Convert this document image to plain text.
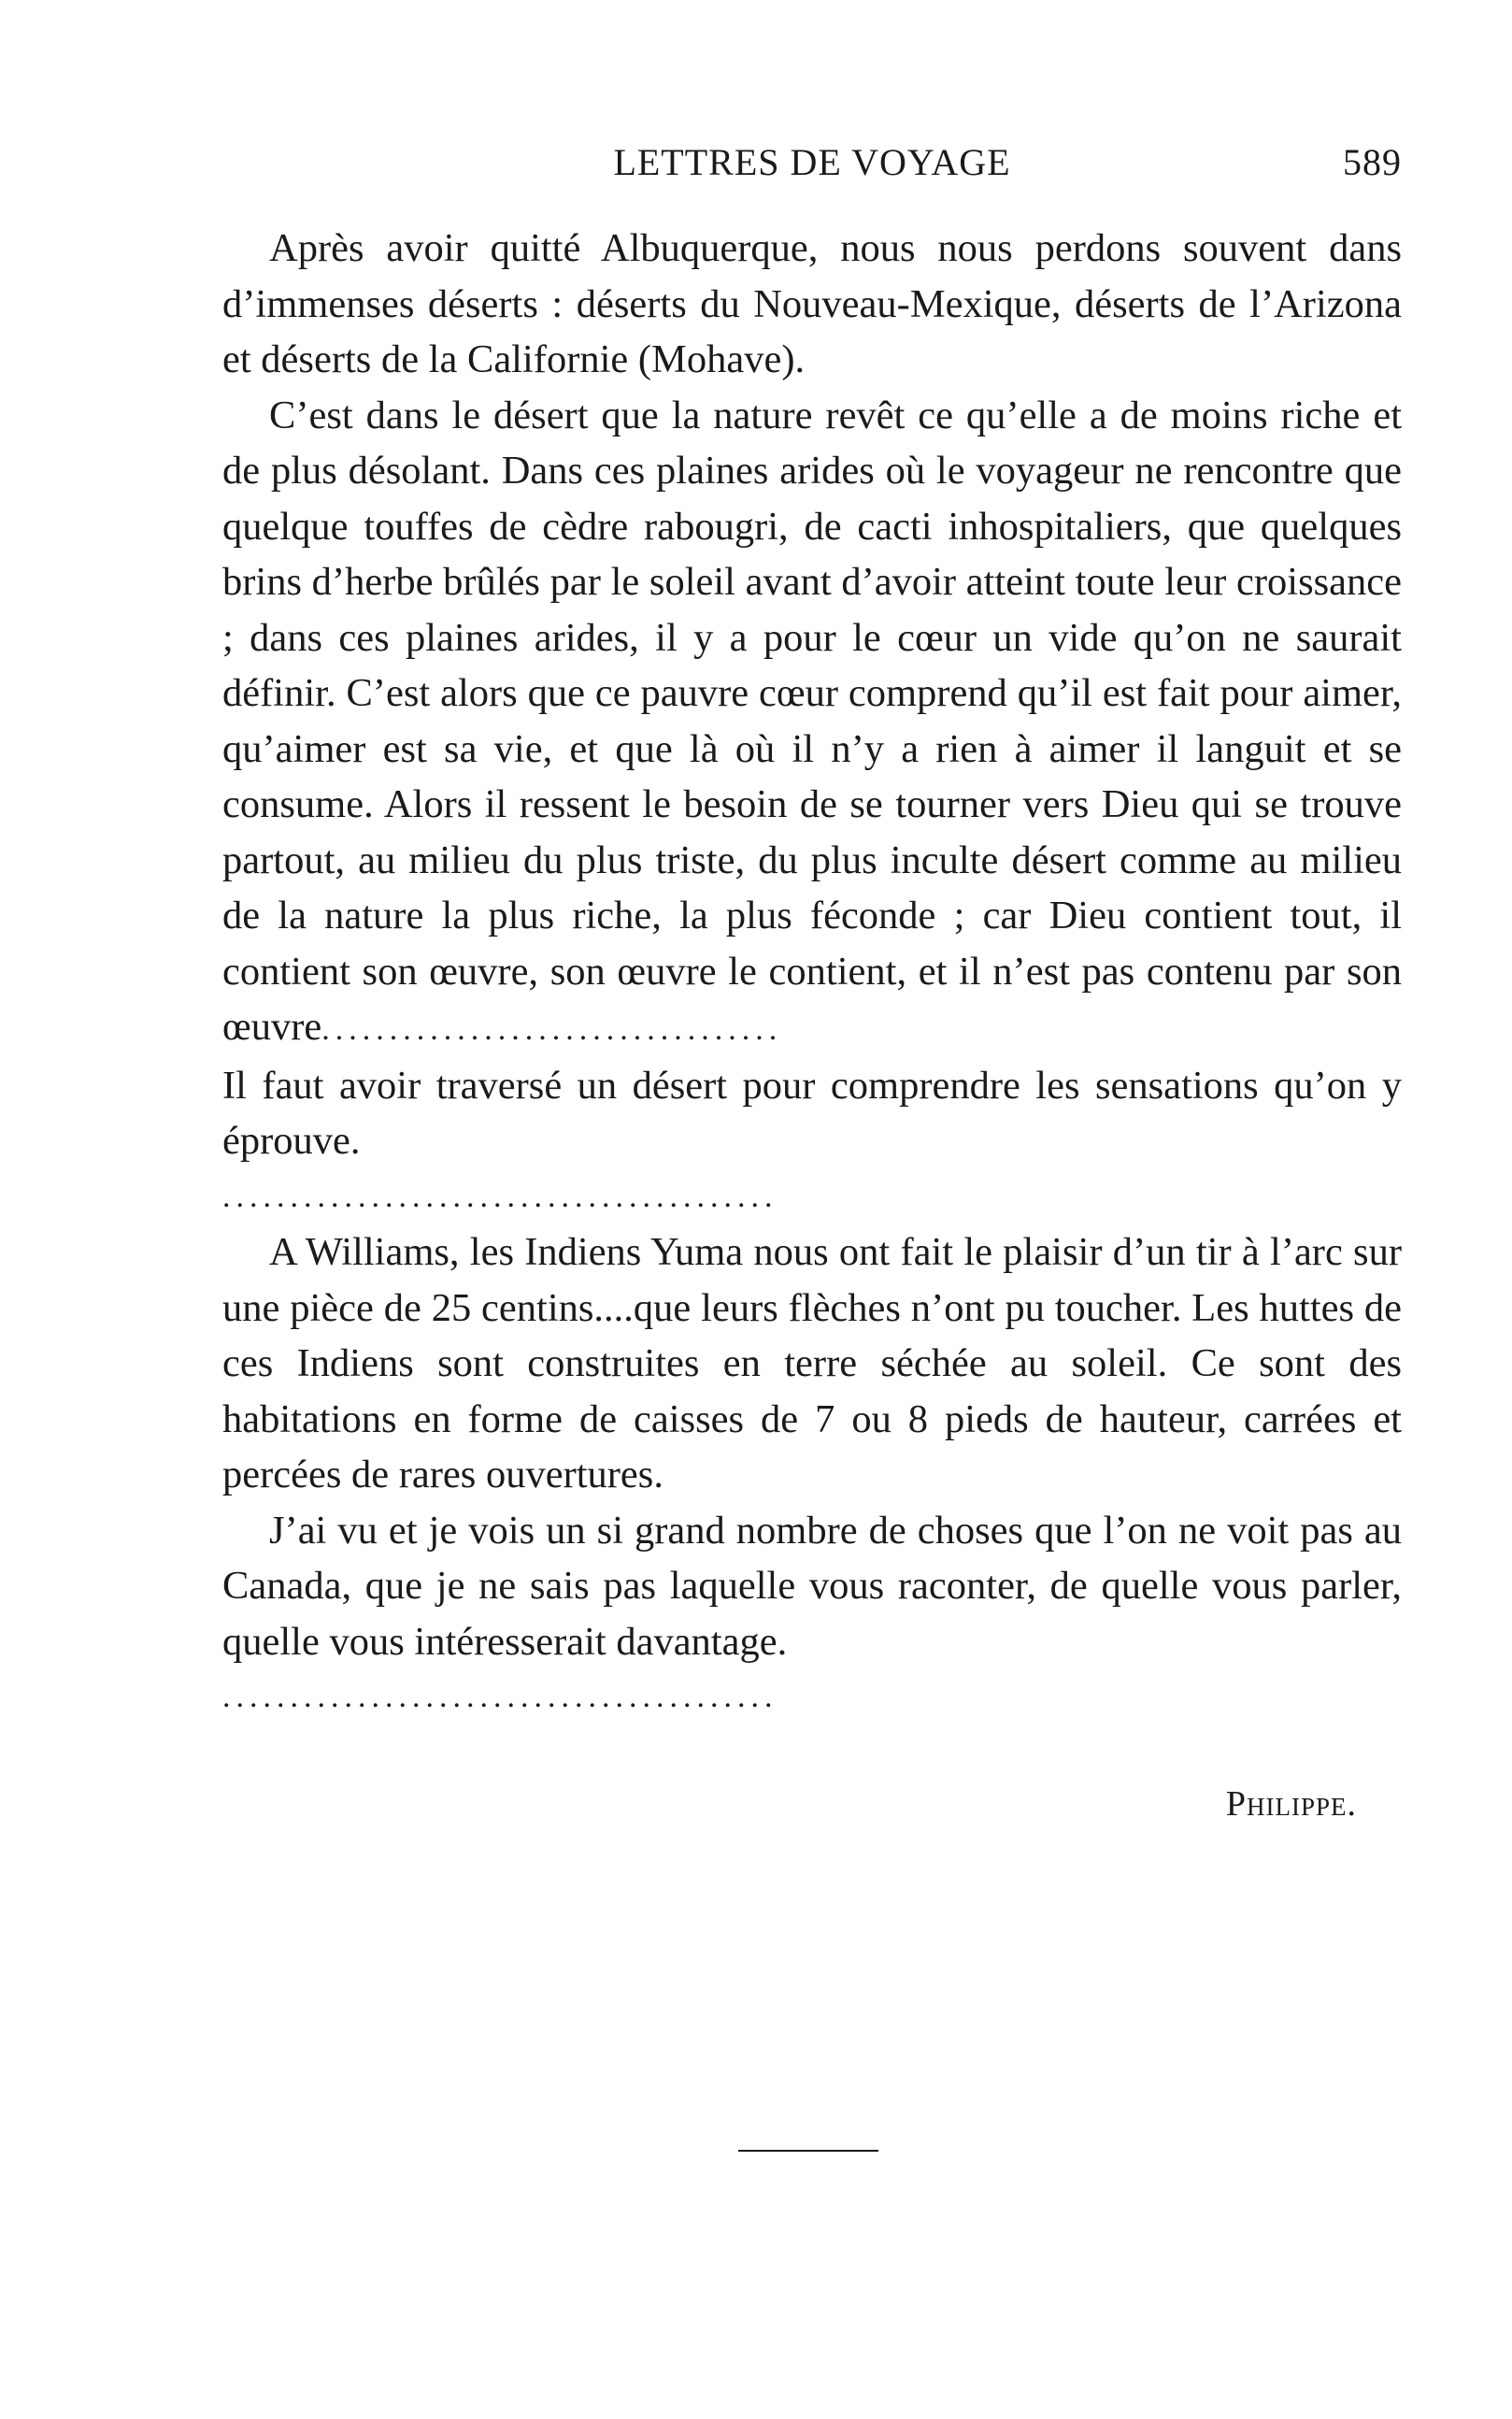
LETTRES DE VOYAGE	589

Après avoir quitté Albuquerque, nous nous perdons souvent dans d’immenses déserts : déserts du Nouveau-Mexique, déserts de l’Arizona et déserts de la Californie (Mohave).

C’est dans le désert que la nature revêt ce qu’elle a de moins riche et de plus désolant. Dans ces plaines arides où le voyageur ne rencontre que quelque touffes de cèdre rabougri, de cacti inhospitaliers, que quelques brins d’herbe brûlés par le soleil avant d’avoir atteint toute leur croissance ; dans ces plaines arides, il y a pour le cœur un vide qu’on ne saurait définir. C’est alors que ce pauvre cœur comprend qu’il est fait pour aimer, qu’aimer est sa vie, et que là où il n’y a rien à aimer il languit et se consume. Alors il ressent le besoin de se tourner vers Dieu qui se trouve partout, au milieu du plus triste, du plus inculte désert comme au milieu de la nature la plus riche, la plus féconde ; car Dieu contient tout, il contient son œuvre, son œuvre le contient, et il n’est pas contenu par son œuvre..................................

Il faut avoir traversé un désert pour comprendre les sensations qu’on y éprouve.

.........................................

A Williams, les Indiens Yuma nous ont fait le plaisir d’un tir à l’arc sur une pièce de 25 centins....que leurs flèches n’ont pu toucher. Les huttes de ces Indiens sont construites en terre séchée au soleil. Ce sont des habitations en forme de caisses de 7 ou 8 pieds de hauteur, carrées et percées de rares ouvertures.

J’ai vu et je vois un si grand nombre de choses que l’on ne voit pas au Canada, que je ne sais pas laquelle vous raconter, de quelle vous parler, quelle vous intéresserait davantage.

.........................................
Philippe.
